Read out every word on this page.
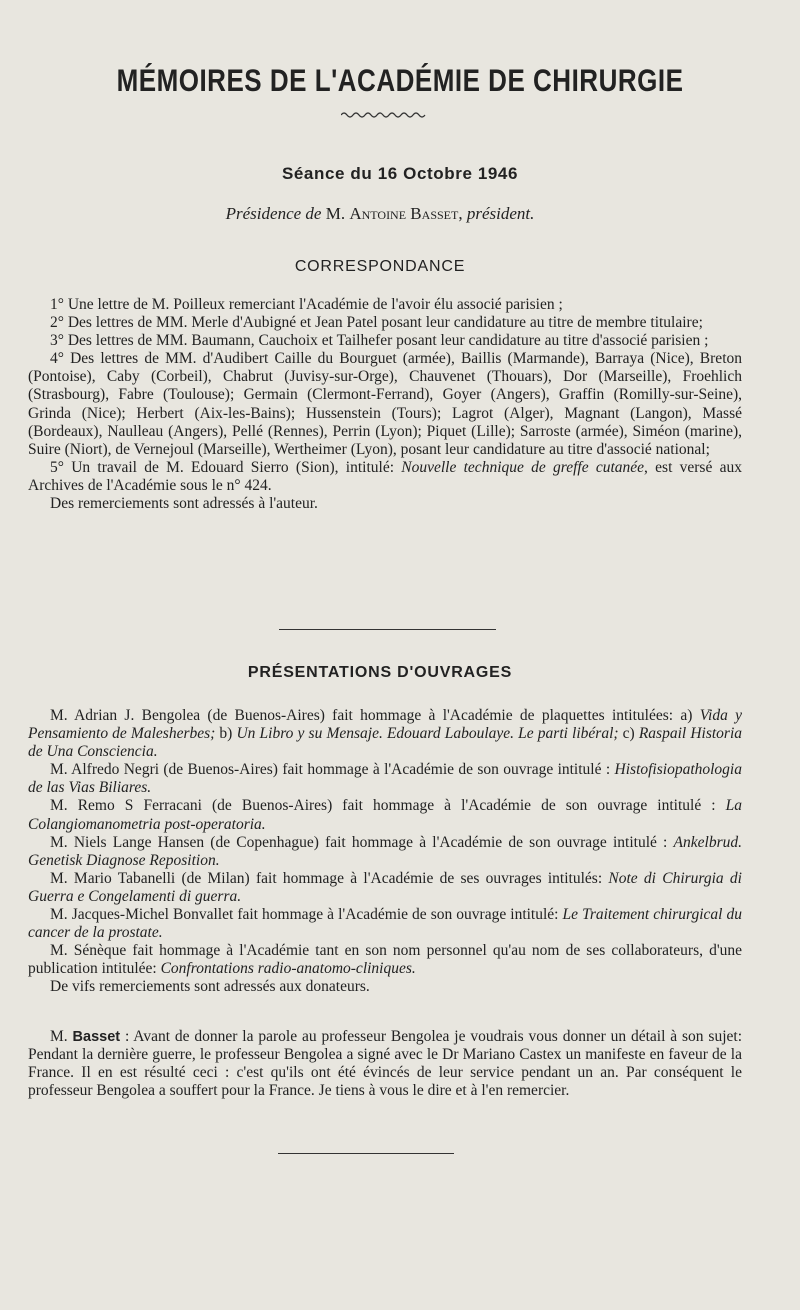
MÉMOIRES DE L'ACADÉMIE DE CHIRURGIE
Séance du 16 Octobre 1946
Présidence de M. Antoine Basset, président.
CORRESPONDANCE

1° Une lettre de M. Poilleux remerciant l'Académie de l'avoir élu associé parisien ;

2° Des lettres de MM. Merle d'Aubigné et Jean Patel posant leur candidature au titre de membre titulaire;

3° Des lettres de MM. Baumann, Cauchoix et Tailhefer posant leur candidature au titre d'associé parisien ;

4° Des lettres de MM. d'Audibert Caille du Bourguet (armée), Baillis (Marmande), Barraya (Nice), Breton (Pontoise), Caby (Corbeil), Chabrut (Juvisy-sur-Orge), Chauvenet (Thouars), Dor (Marseille), Froehlich (Strasbourg), Fabre (Toulouse); Germain (Clermont-Ferrand), Goyer (Angers), Graffin (Romilly-sur-Seine), Grinda (Nice); Herbert (Aix-les-Bains); Hussenstein (Tours); Lagrot (Alger), Magnant (Langon), Massé (Bordeaux), Naulleau (Angers), Pellé (Rennes), Perrin (Lyon); Piquet (Lille); Sarroste (armée), Siméon (marine), Suire (Niort), de Vernejoul (Marseille), Wertheimer (Lyon), posant leur candidature au titre d'associé national;

5° Un travail de M. Edouard Sierro (Sion), intitulé: Nouvelle technique de greffe cutanée, est versé aux Archives de l'Académie sous le n° 424.

Des remerciements sont adressés à l'auteur.

PRÉSENTATIONS D'OUVRAGES

M. Adrian J. Bengolea (de Buenos-Aires) fait hommage à l'Académie de plaquettes intitulées: a) Vida y Pensamiento de Malesherbes; b) Un Libro y su Mensaje. Edouard Laboulaye. Le parti libéral; c) Raspail Historia de Una Consciencia.

M. Alfredo Negri (de Buenos-Aires) fait hommage à l'Académie de son ouvrage intitulé : Histofisiopathologia de las Vias Biliares.

M. Remo S Ferracani (de Buenos-Aires) fait hommage à l'Académie de son ouvrage intitulé : La Colangiomanometria post-operatoria.

M. Niels Lange Hansen (de Copenhague) fait hommage à l'Académie de son ouvrage intitulé : Ankelbrud. Genetisk Diagnose Reposition.

M. Mario Tabanelli (de Milan) fait hommage à l'Académie de ses ouvrages intitulés: Note di Chirurgia di Guerra e Congelamenti di guerra.

M. Jacques-Michel Bonvallet fait hommage à l'Académie de son ouvrage intitulé: Le Traitement chirurgical du cancer de la prostate.

M. Sénèque fait hommage à l'Académie tant en son nom personnel qu'au nom de ses collaborateurs, d'une publication intitulée: Confrontations radio-anatomo-cliniques.

De vifs remerciements sont adressés aux donateurs.

M. Basset : Avant de donner la parole au professeur Bengolea je voudrais vous donner un détail à son sujet: Pendant la dernière guerre, le professeur Bengolea a signé avec le Dr Mariano Castex un manifeste en faveur de la France. Il en est résulté ceci : c'est qu'ils ont été évincés de leur service pendant un an. Par conséquent le professeur Bengolea a souffert pour la France. Je tiens à vous le dire et à l'en remercier.
